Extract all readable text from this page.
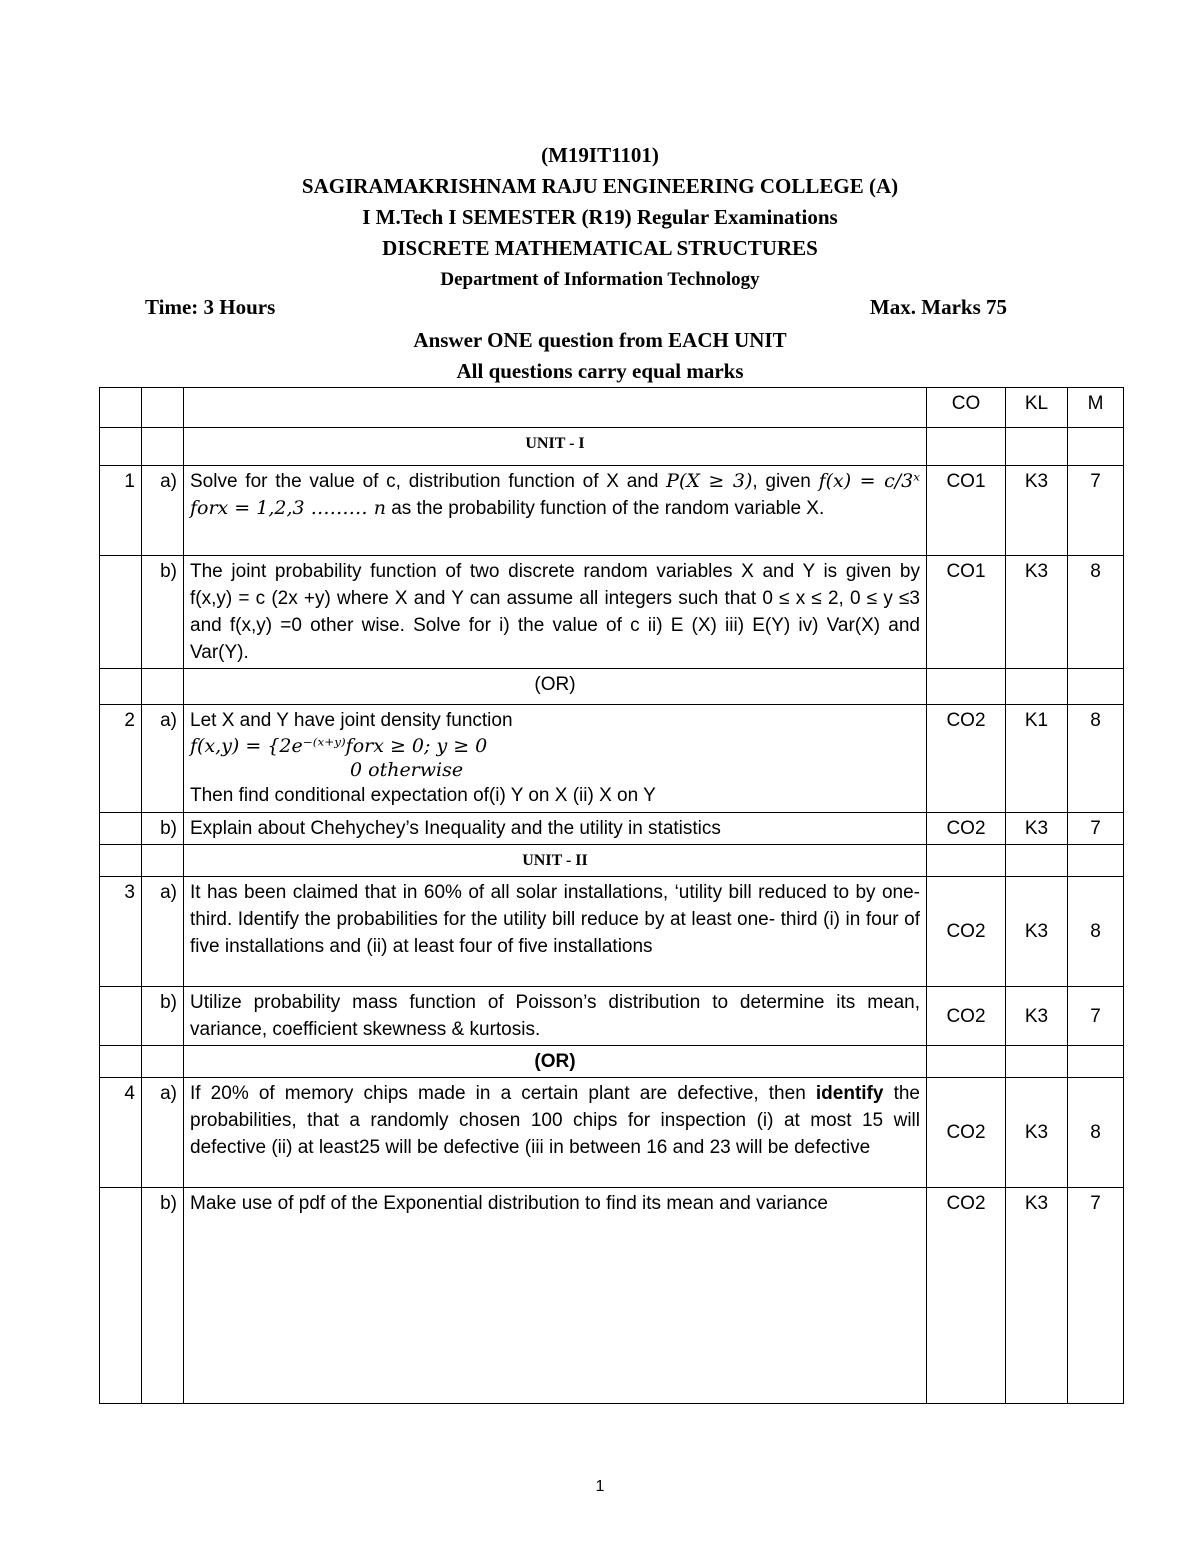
(M19IT1101)
SAGIRAMAKRISHNAM RAJU ENGINEERING COLLEGE (A)
I M.Tech I SEMESTER (R19) Regular Examinations
DISCRETE MATHEMATICAL STRUCTURES
Department of Information Technology
Time: 3 Hours	Max. Marks 75
Answer ONE question from EACH UNIT
All questions carry equal marks
			CO	KL	M
		UNIT - I			
1	a)	Solve for the value of c, distribution function of X and P(X ≥ 3), given f(x) = c/3ˣ forx = 1,2,3 ……… n as the probability function of the random variable X.	CO1	K3	7
	b)	The joint probability function of two discrete random variables X and Y is given by f(x,y) = c (2x +y) where X and Y can assume all integers such that 0 ≤ x ≤ 2, 0 ≤ y ≤3 and f(x,y) =0 other wise. Solve for i) the value of c ii) E (X) iii) E(Y) iv) Var(X) and Var(Y).	CO1	K3	8
		(OR)			
2	a)	Let X and Y have joint density function
f(x,y) = {2e⁻⁽ˣ⁺ʸ⁾forx ≥ 0; y ≥ 0
0 otherwise
Then find conditional expectation of(i) Y on X (ii) X on Y	CO2	K1	8
	b)	Explain about Chehychey’s Inequality and the utility in statistics	CO2	K3	7
		UNIT - II			
3	a)	It has been claimed that in 60% of all solar installations, ‘utility bill reduced to by one- third. Identify the probabilities for the utility bill reduce by at least one- third (i) in four of five installations and (ii) at least four of five installations	CO2	K3	8
	b)	Utilize probability mass function of Poisson’s distribution to determine its mean, variance, coefficient skewness & kurtosis.	CO2	K3	7
		(OR)			
4	a)	If 20% of memory chips made in a certain plant are defective, then identify the probabilities, that a randomly chosen 100 chips for inspection (i) at most 15 will defective (ii) at least25 will be defective (iii in between 16 and 23 will be defective	CO2	K3	8
	b)	Make use of pdf of the Exponential distribution to find its mean and variance	CO2	K3	7
1
